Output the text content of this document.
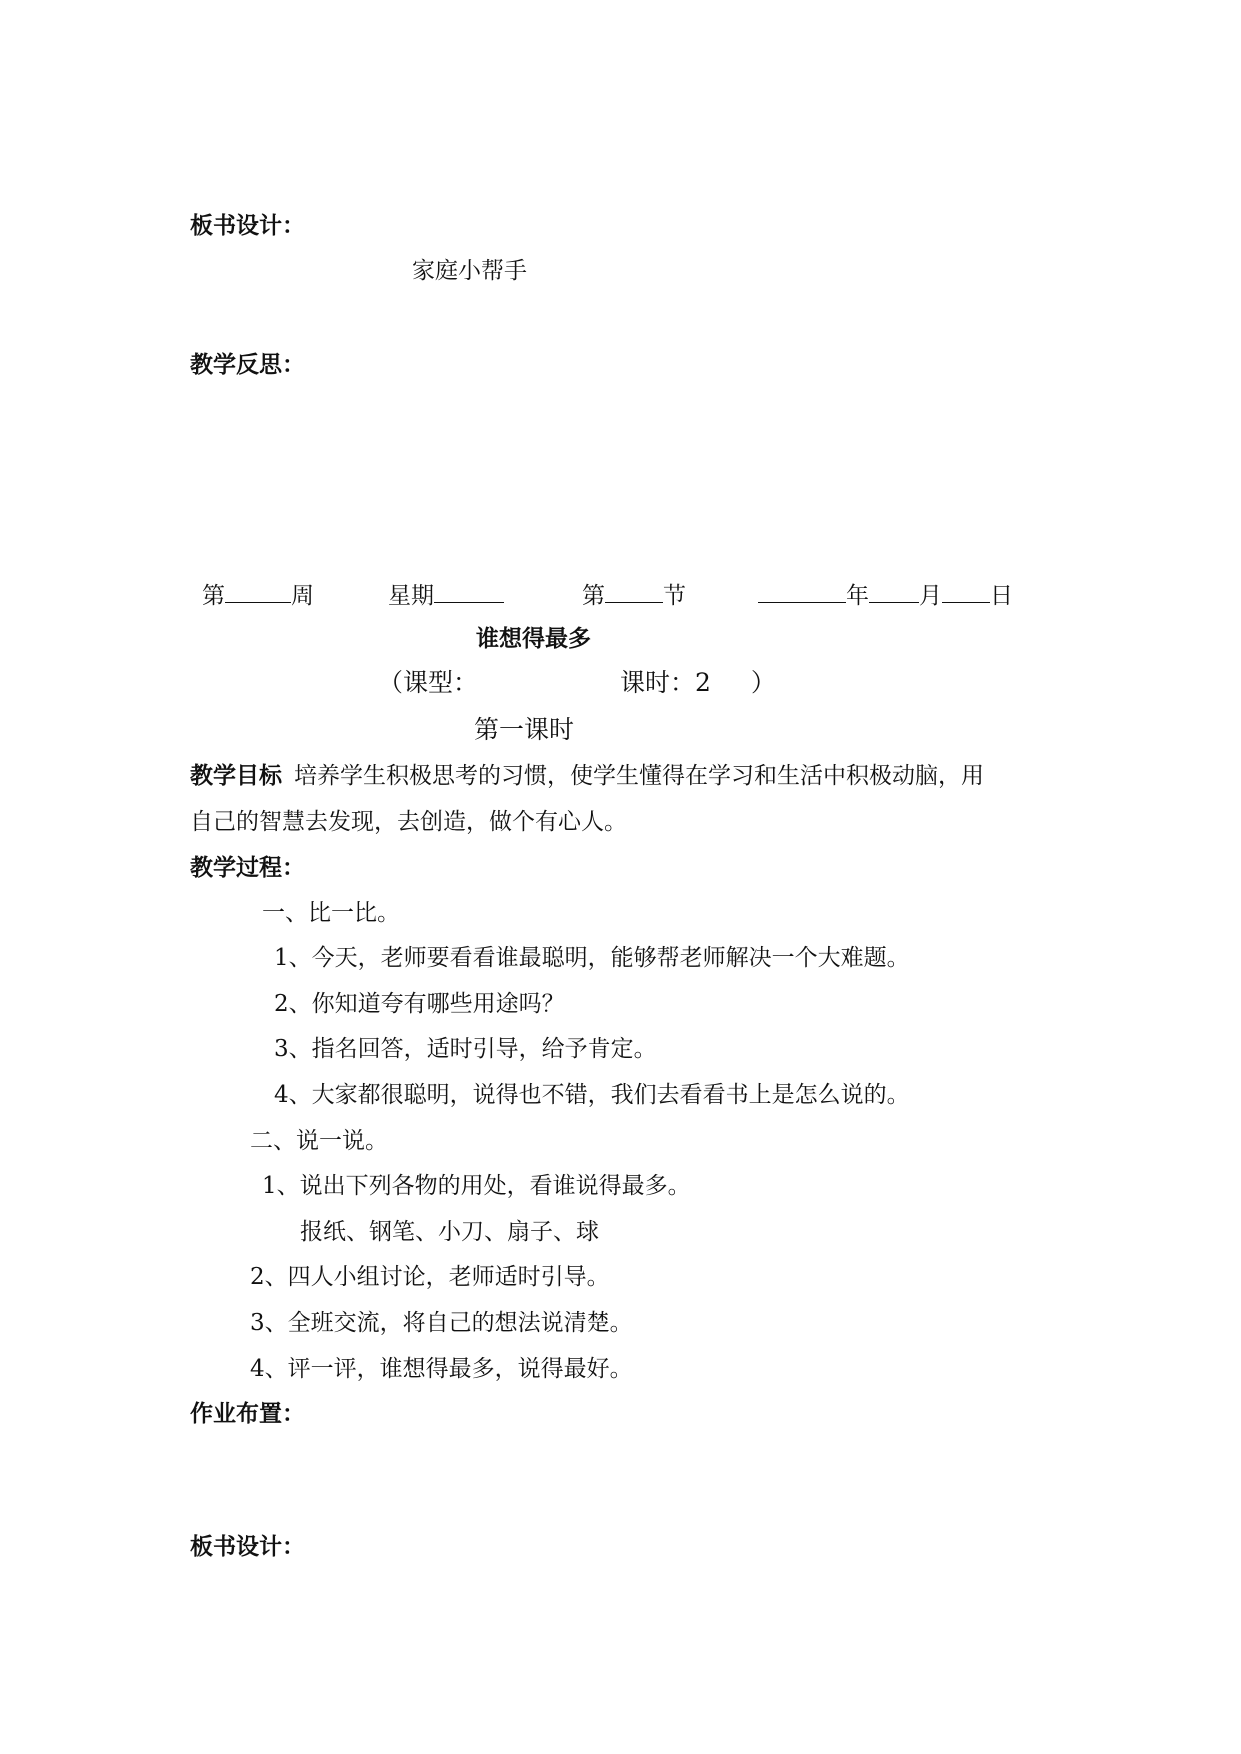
板书设计：
家庭小帮手
教学反思：
第	周	星期	第	节	年 月 日
谁想得最多
（课型：	课时：2 ）
第一课时
教学目标 培养学生积极思考的习惯，使学生懂得在学习和生活中积极动脑，用
自己的智慧去发现，去创造，做个有心人。
教学过程：
一、比一比。
1、今天，老师要看看谁最聪明，能够帮老师解决一个大难题。
2、你知道夸有哪些用途吗？
3、指名回答，适时引导，给予肯定。
4、大家都很聪明，说得也不错，我们去看看书上是怎么说的。
二、说一说。
1、说出下列各物的用处，看谁说得最多。
报纸、钢笔、小刀、扇子、球
2、四人小组讨论，老师适时引导。
3、全班交流，将自己的想法说清楚。
4、评一评，谁想得最多，说得最好。
作业布置：
板书设计：
